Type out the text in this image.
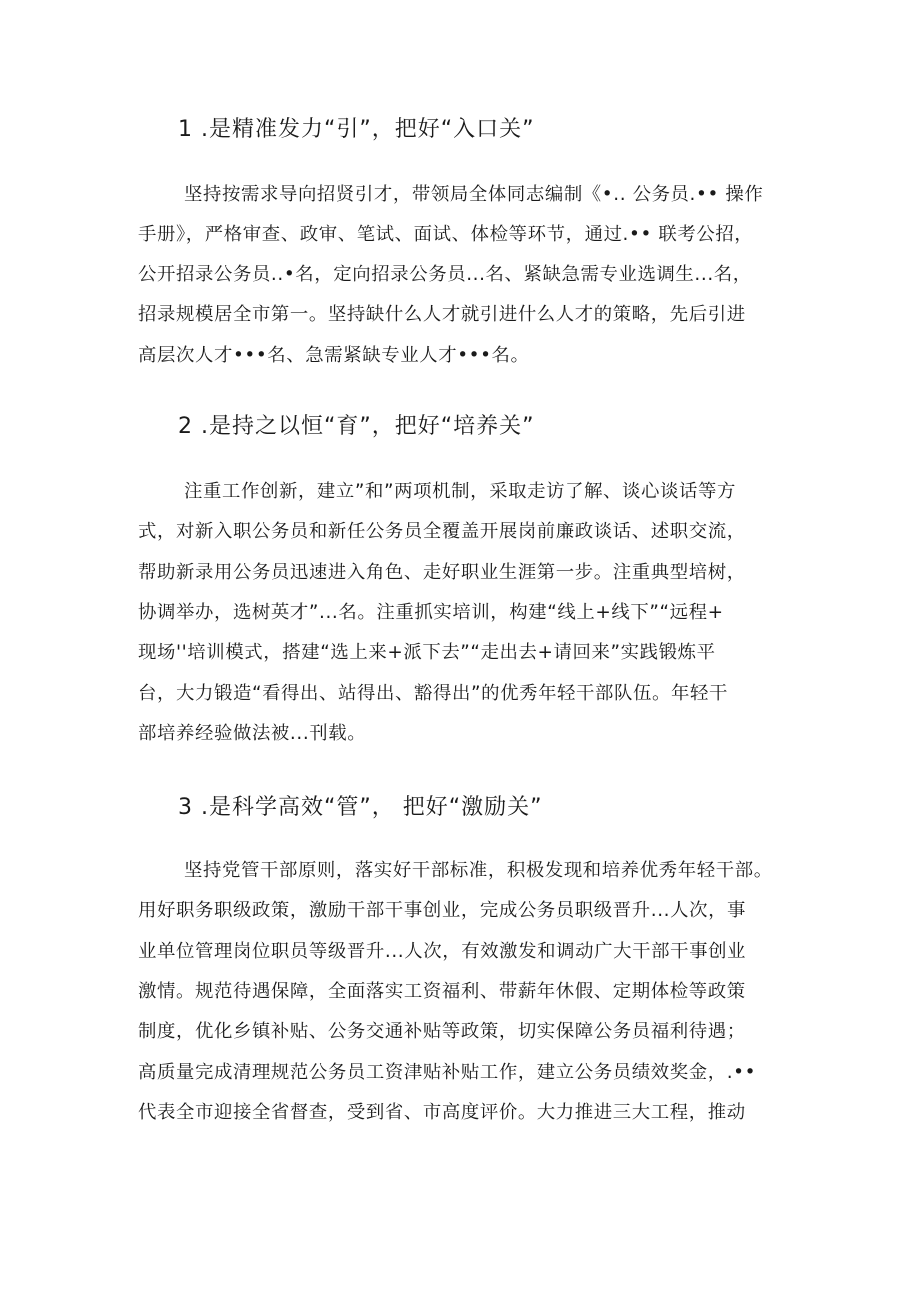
1 .是精准发力“引”，把好“入口关”
坚持按需求导向招贤引才，带领局全体同志编制《•.. 公务员.•• 操作
手册》，严格审查、政审、笔试、面试、体检等环节，通过.•• 联考公招，
公开招录公务员..•名，定向招录公务员...名、紧缺急需专业选调生...名，
招录规模居全市第一。坚持缺什么人才就引进什么人才的策略，先后引进
高层次人才•••名、急需紧缺专业人才•••名。
2 .是持之以恒“育”，把好“培养关”
注重工作创新，建立”和”两项机制，采取走访了解、谈心谈话等方
式，对新入职公务员和新任公务员全覆盖开展岗前廉政谈话、述职交流，
帮助新录用公务员迅速进入角色、走好职业生涯第一步。注重典型培树，
协调举办，选树英才”...名。注重抓实培训，构建“线上+线下”“远程+
现场''培训模式，搭建“选上来+派下去”“走出去+请回来”实践锻炼平
台，大力锻造“看得出、站得出、豁得出”的优秀年轻干部队伍。年轻干
部培养经验做法被...刊载。
3 .是科学高效“管”， 把好“激励关”
坚持党管干部原则，落实好干部标准，积极发现和培养优秀年轻干部。
用好职务职级政策，激励干部干事创业，完成公务员职级晋升...人次，事
业单位管理岗位职员等级晋升...人次，有效激发和调动广大干部干事创业
激情。规范待遇保障，全面落实工资福利、带薪年休假、定期体检等政策
制度，优化乡镇补贴、公务交通补贴等政策，切实保障公务员福利待遇；
高质量完成清理规范公务员工资津贴补贴工作，建立公务员绩效奖金，.••
代表全市迎接全省督查，受到省、市高度评价。大力推进三大工程，推动
